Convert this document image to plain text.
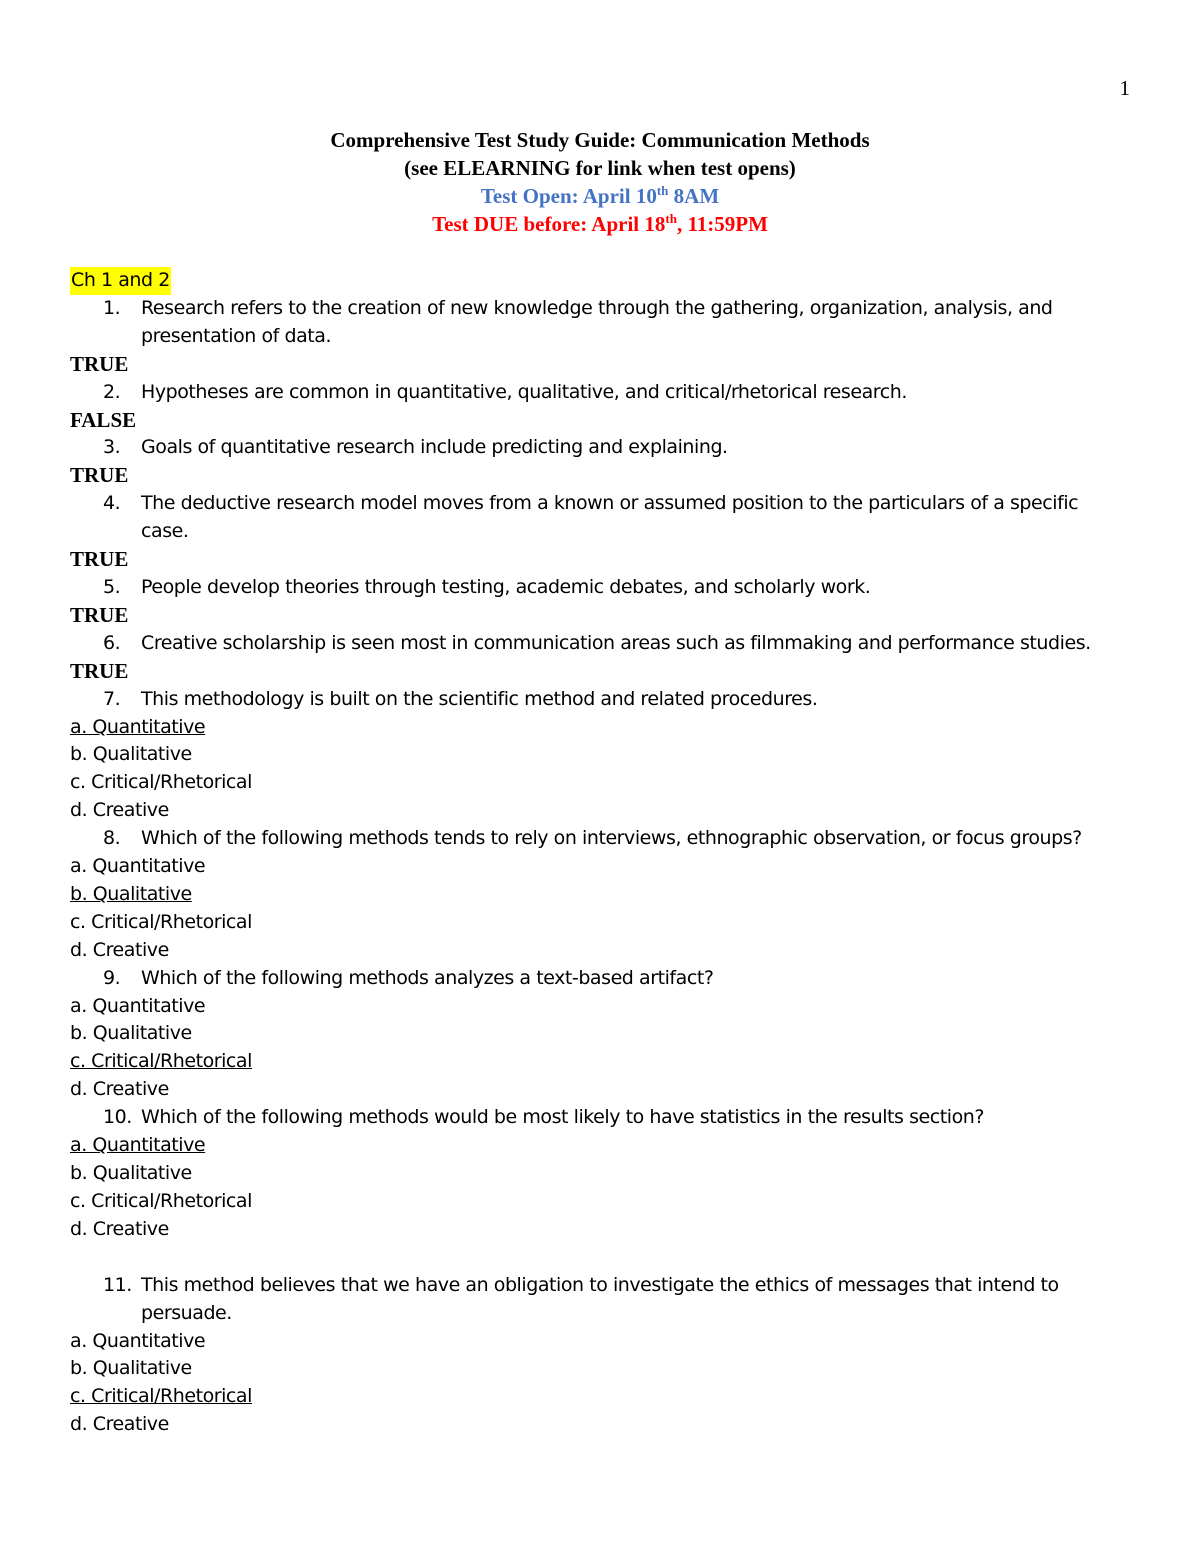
1
Comprehensive Test Study Guide: Communication Methods
(see ELEARNING for link when test opens)
Test Open: April 10th 8AM
Test DUE before: April 18th, 11:59PM
Ch 1 and 2
1. Research refers to the creation of new knowledge through the gathering, organization, analysis, and presentation of data.
TRUE
2. Hypotheses are common in quantitative, qualitative, and critical/rhetorical research.
FALSE
3. Goals of quantitative research include predicting and explaining.
TRUE
4. The deductive research model moves from a known or assumed position to the particulars of a specific case.
TRUE
5. People develop theories through testing, academic debates, and scholarly work.
TRUE
6. Creative scholarship is seen most in communication areas such as filmmaking and performance studies.
TRUE
7. This methodology is built on the scientific method and related procedures.
a. Quantitative
b. Qualitative
c. Critical/Rhetorical
d. Creative
8. Which of the following methods tends to rely on interviews, ethnographic observation, or focus groups?
a. Quantitative
b. Qualitative
c. Critical/Rhetorical
d. Creative
9. Which of the following methods analyzes a text-based artifact?
a. Quantitative
b. Qualitative
c. Critical/Rhetorical
d. Creative
10. Which of the following methods would be most likely to have statistics in the results section?
a. Quantitative
b. Qualitative
c. Critical/Rhetorical
d. Creative
11. This method believes that we have an obligation to investigate the ethics of messages that intend to persuade.
a. Quantitative
b. Qualitative
c. Critical/Rhetorical
d. Creative
